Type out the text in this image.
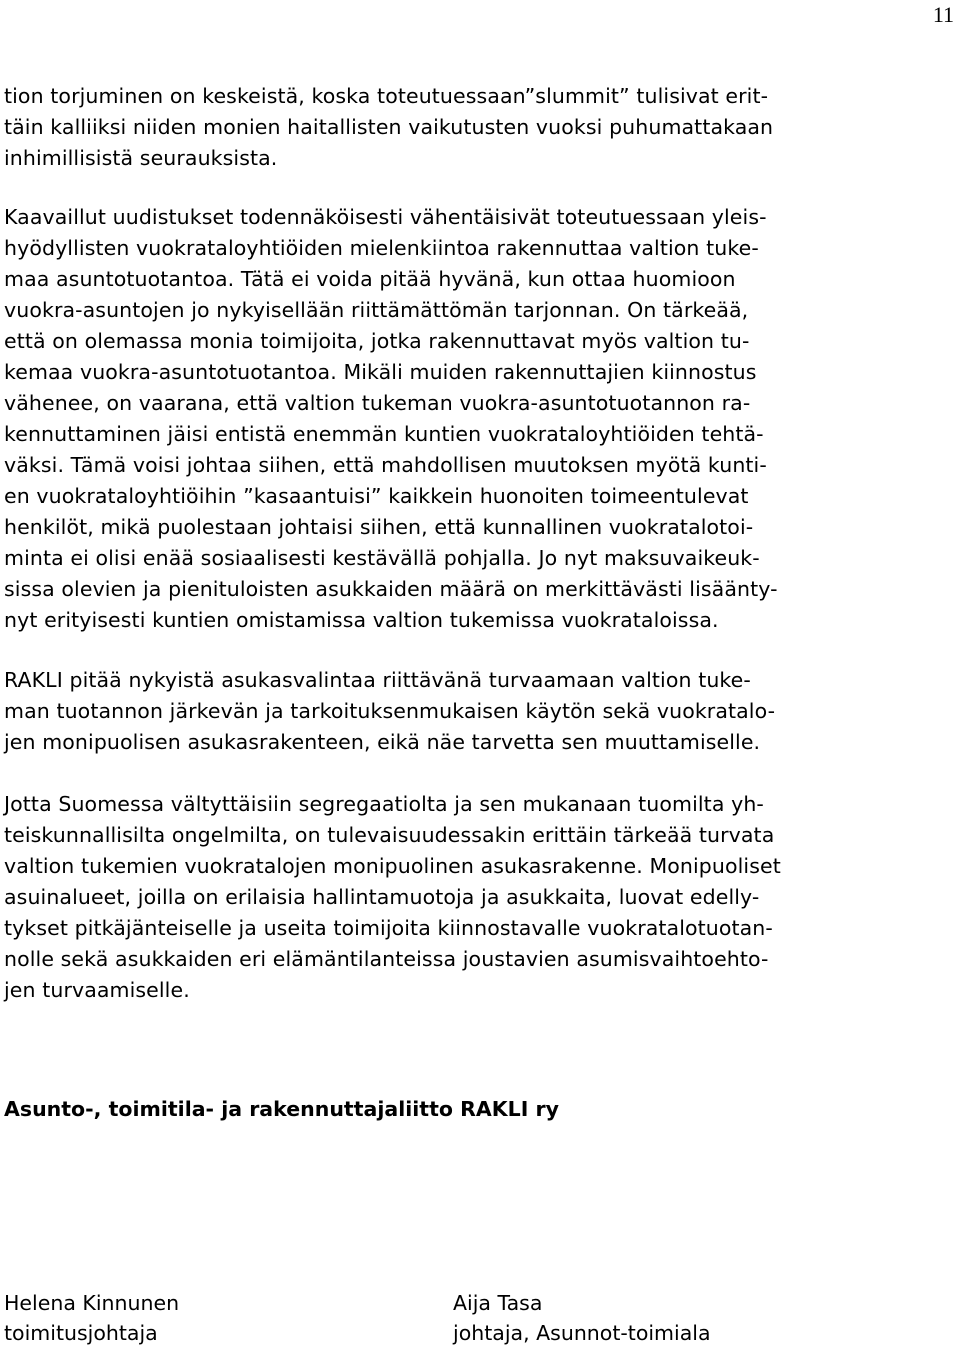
11
tion torjuminen on keskeistä, koska toteutuessaan”slummit” tulisivat erit-
täin kalliiksi niiden monien haitallisten vaikutusten vuoksi puhumattakaan
inhimillisistä seurauksista.
Kaavaillut uudistukset todennäköisesti vähentäisivät toteutuessaan yleis-
hyödyllisten vuokrataloyhtiöiden mielenkiintoa rakennuttaa valtion tuke-
maa asuntotuotantoa. Tätä ei voida pitää hyvänä, kun ottaa huomioon
vuokra-asuntojen jo nykyisellään riittämättömän tarjonnan. On tärkeää,
että on olemassa monia toimijoita, jotka rakennuttavat myös valtion tu-
kemaa vuokra-asuntotuotantoa. Mikäli muiden rakennuttajien kiinnostus
vähenee, on vaarana, että valtion tukeman vuokra-asuntotuotannon ra-
kennuttaminen jäisi entistä enemmän kuntien vuokrataloyhtiöiden tehtä-
väksi. Tämä voisi johtaa siihen, että mahdollisen muutoksen myötä kunti-
en vuokrataloyhtiöihin ”kasaantuisi” kaikkein huonoiten toimeentulevat
henkilöt, mikä puolestaan johtaisi siihen, että kunnallinen vuokratalotoi-
minta ei olisi enää sosiaalisesti kestävällä pohjalla. Jo nyt maksuvaikeuk-
sissa olevien ja pienituloisten asukkaiden määrä on merkittävästi lisäänty-
nyt erityisesti kuntien omistamissa valtion tukemissa vuokrataloissa.
RAKLI pitää nykyistä asukasvalintaa riittävänä turvaamaan valtion tuke-
man tuotannon järkevän ja tarkoituksenmukaisen käytön sekä vuokratalo-
jen monipuolisen asukasrakenteen, eikä näe tarvetta sen muuttamiselle.
Jotta Suomessa vältyttäisiin segregaatiolta ja sen mukanaan tuomilta yh-
teiskunnallisilta ongelmilta, on tulevaisuudessakin erittäin tärkeää turvata
valtion tukemien vuokratalojen monipuolinen asukasrakenne. Monipuoliset
asuinalueet, joilla on erilaisia hallintamuotoja ja asukkaita, luovat edelly-
tykset pitkäjänteiselle ja useita toimijoita kiinnostavalle vuokratalotuotan-
nolle sekä asukkaiden eri elämäntilanteissa joustavien asumisvaihtoehto-
jen turvaamiselle.
Asunto-, toimitila- ja rakennuttajaliitto RAKLI ry
Helena Kinnunen
toimitusjohtaja
Aija Tasa
johtaja, Asunnot-toimiala
